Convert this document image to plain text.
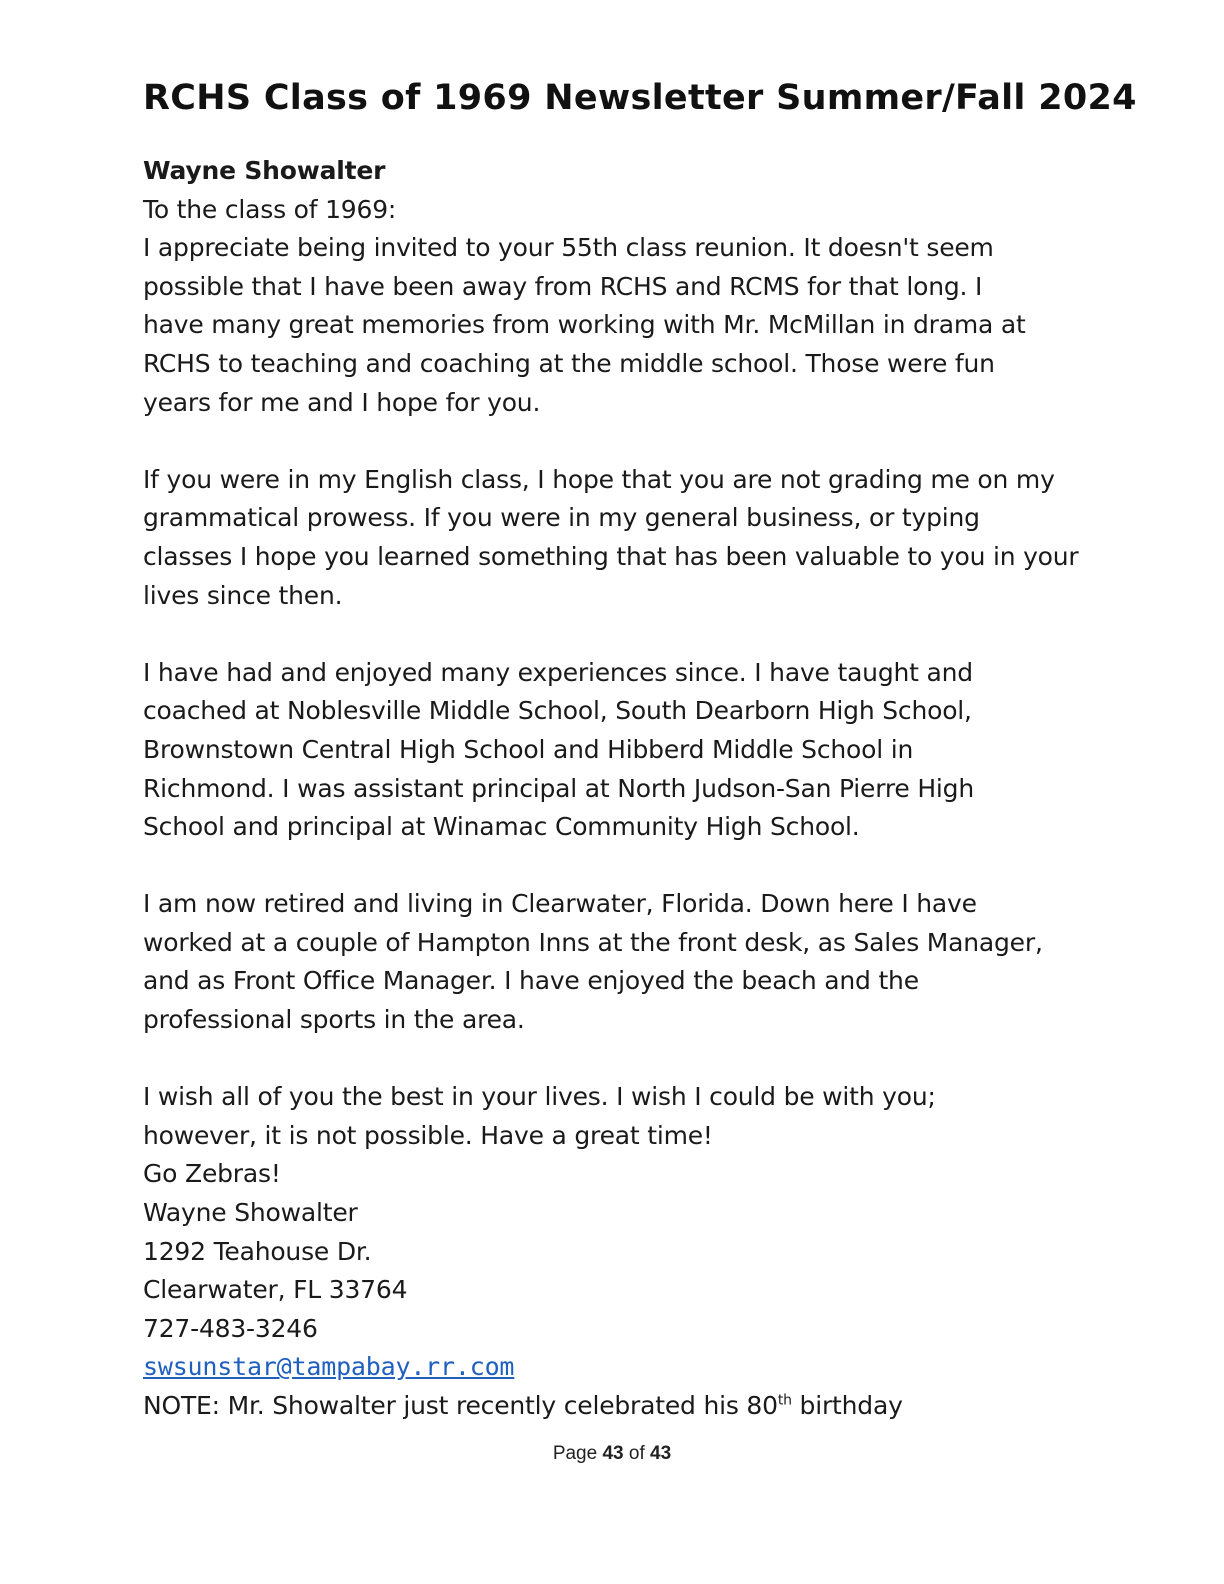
RCHS Class of 1969 Newsletter Summer/Fall 2024
Wayne Showalter
To the class of 1969:
I appreciate being invited to your 55th class reunion. It doesn't seem
possible that I have been away from RCHS and RCMS for that long. I
have many great memories from working with Mr. McMillan in drama at
RCHS to teaching and coaching at the middle school. Those were fun
years for me and I hope for you.
If you were in my English class, I hope that you are not grading me on my
grammatical prowess. If you were in my general business, or typing
classes I hope you learned something that has been valuable to you in your
lives since then.
I have had and enjoyed many experiences since. I have taught and
coached at Noblesville Middle School, South Dearborn High School,
Brownstown Central High School and Hibberd Middle School in
Richmond. I was assistant principal at North Judson-San Pierre High
School and principal at Winamac Community High School.
I am now retired and living in Clearwater, Florida. Down here I have
worked at a couple of Hampton Inns at the front desk, as Sales Manager,
and as Front Office Manager. I have enjoyed the beach and the
professional sports in the area.
I wish all of you the best in your lives. I wish I could be with you;
however, it is not possible. Have a great time!
Go Zebras!
Wayne Showalter
1292 Teahouse Dr.
Clearwater, FL 33764
727-483-3246
swsunstar@tampabay.rr.com
NOTE: Mr. Showalter just recently celebrated his 80th birthday
Page 43 of 43
